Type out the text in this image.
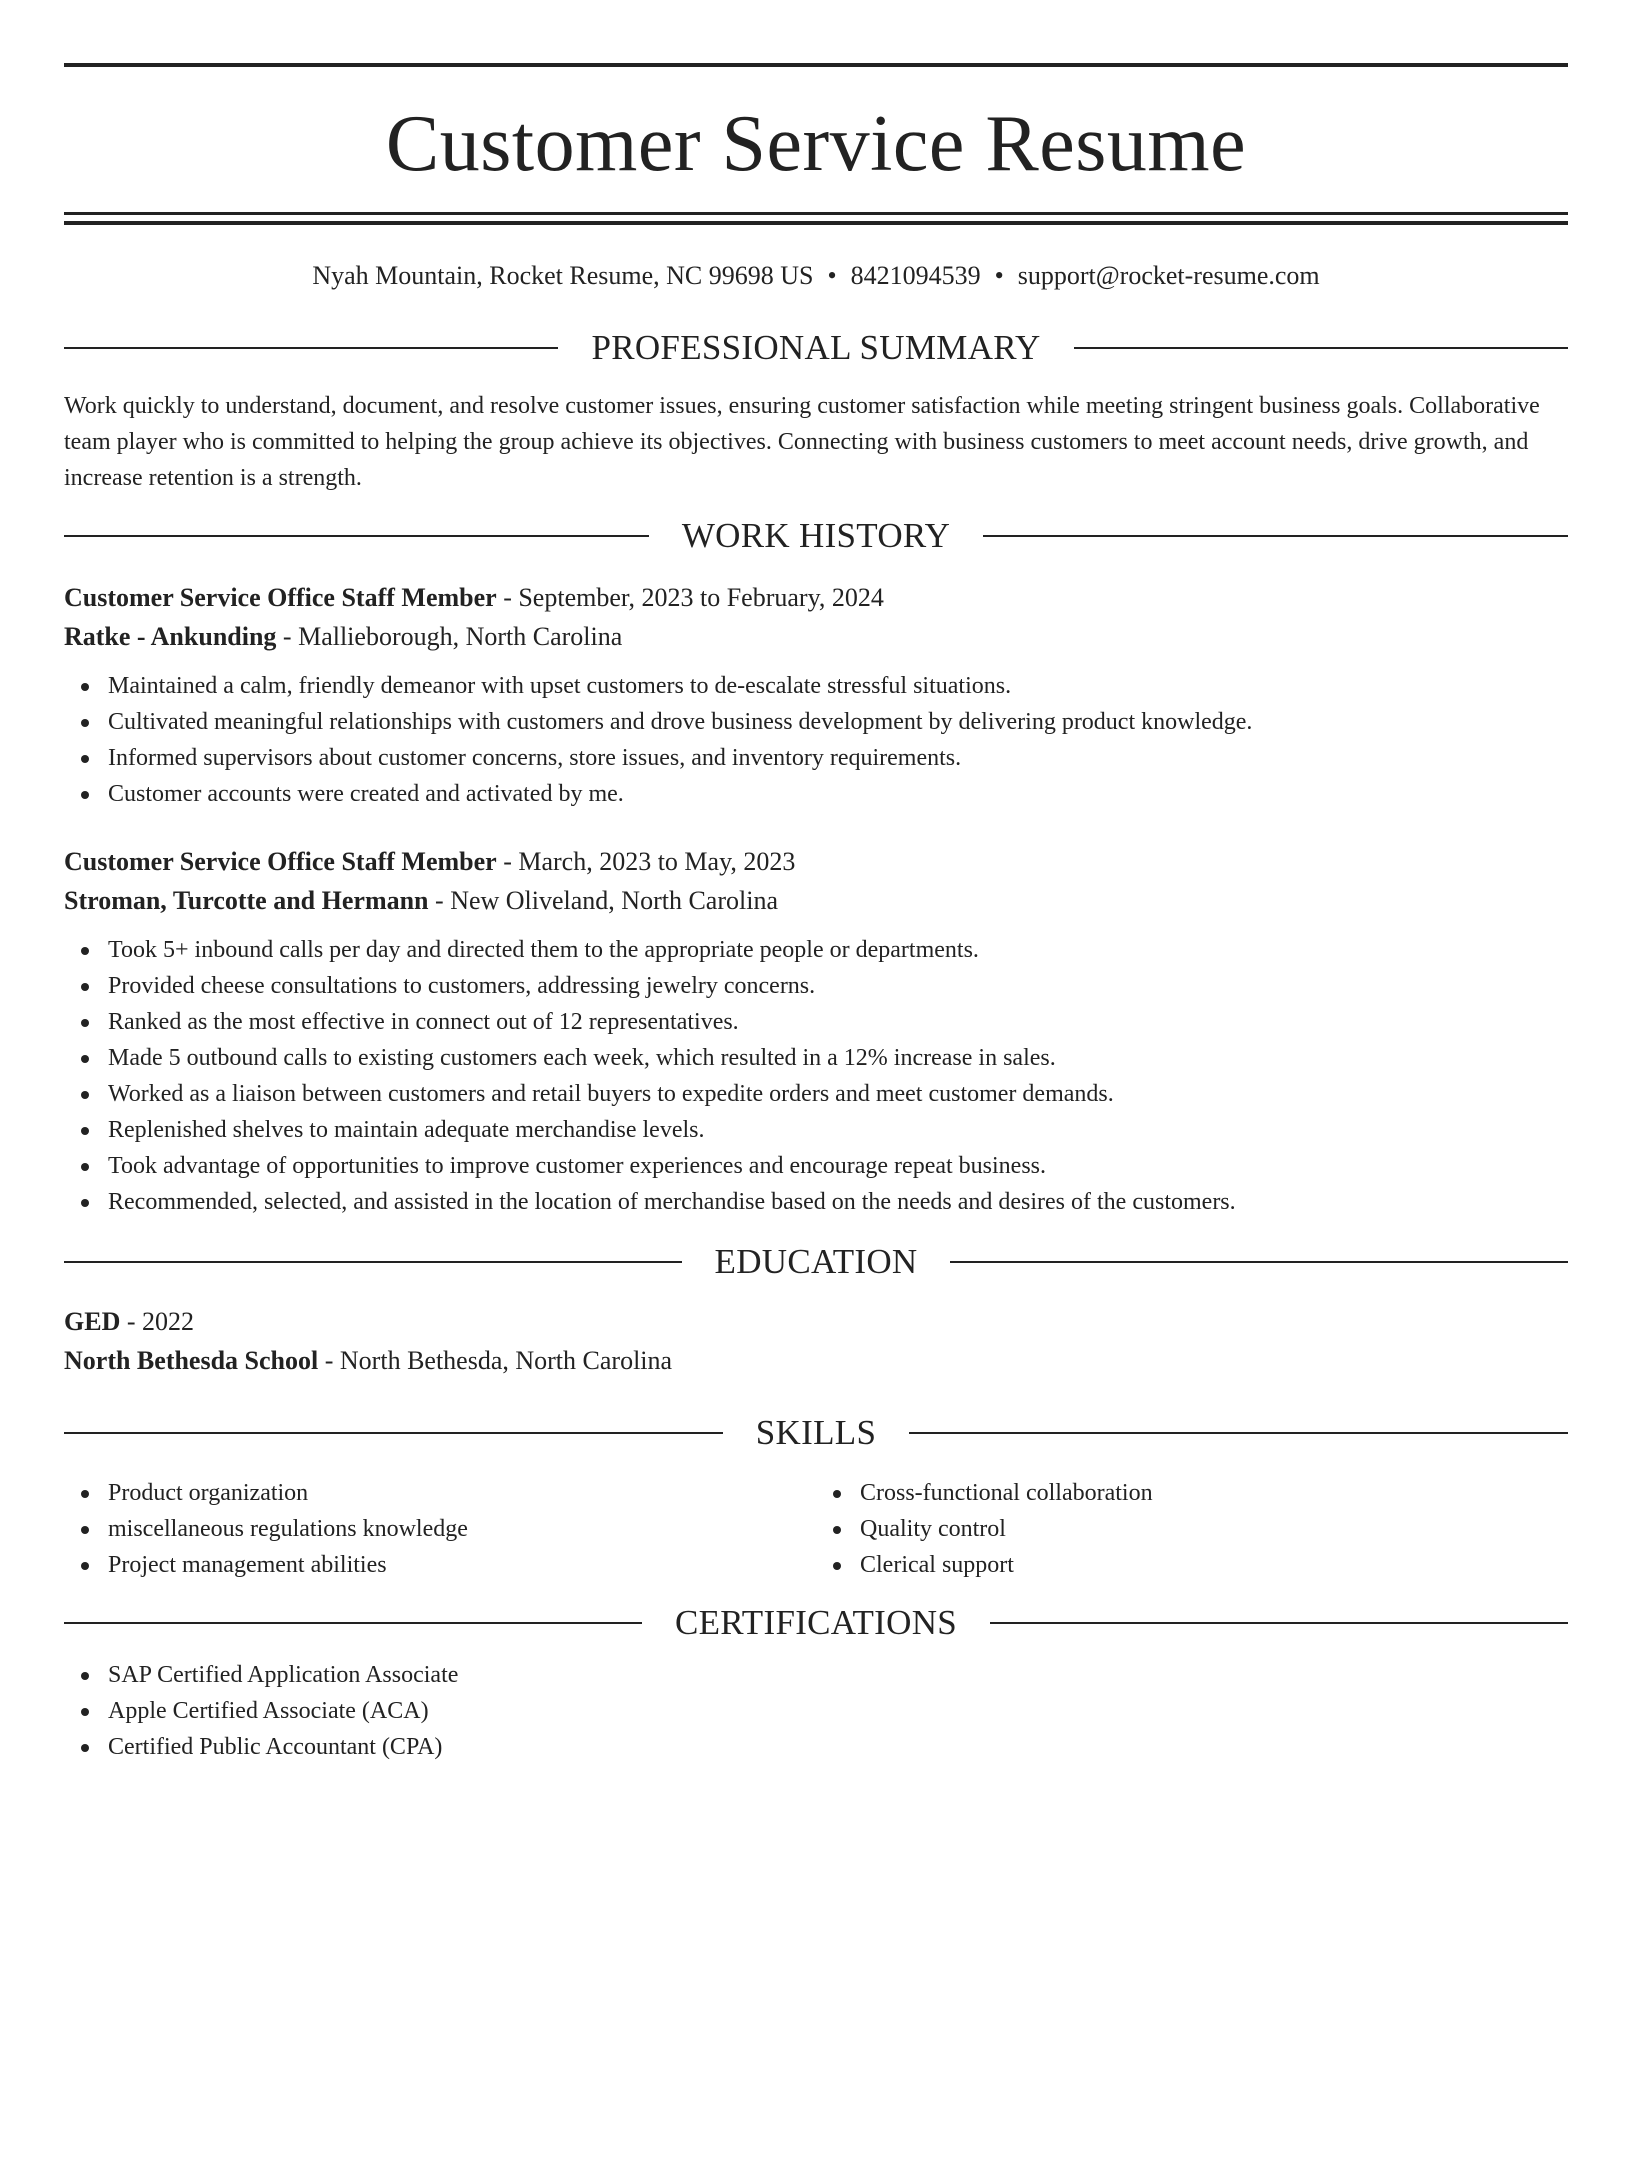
Customer Service Resume
Nyah Mountain, Rocket Resume, NC 99698 US • 8421094539 • support@rocket-resume.com
PROFESSIONAL SUMMARY
Work quickly to understand, document, and resolve customer issues, ensuring customer satisfaction while meeting stringent business goals. Collaborative team player who is committed to helping the group achieve its objectives. Connecting with business customers to meet account needs, drive growth, and increase retention is a strength.
WORK HISTORY
Customer Service Office Staff Member - September, 2023 to February, 2024
Ratke - Ankunding - Mallieborough, North Carolina
Maintained a calm, friendly demeanor with upset customers to de-escalate stressful situations.
Cultivated meaningful relationships with customers and drove business development by delivering product knowledge.
Informed supervisors about customer concerns, store issues, and inventory requirements.
Customer accounts were created and activated by me.
Customer Service Office Staff Member - March, 2023 to May, 2023
Stroman, Turcotte and Hermann - New Oliveland, North Carolina
Took 5+ inbound calls per day and directed them to the appropriate people or departments.
Provided cheese consultations to customers, addressing jewelry concerns.
Ranked as the most effective in connect out of 12 representatives.
Made 5 outbound calls to existing customers each week, which resulted in a 12% increase in sales.
Worked as a liaison between customers and retail buyers to expedite orders and meet customer demands.
Replenished shelves to maintain adequate merchandise levels.
Took advantage of opportunities to improve customer experiences and encourage repeat business.
Recommended, selected, and assisted in the location of merchandise based on the needs and desires of the customers.
EDUCATION
GED - 2022
North Bethesda School - North Bethesda, North Carolina
SKILLS
Product organization
miscellaneous regulations knowledge
Project management abilities
Cross-functional collaboration
Quality control
Clerical support
CERTIFICATIONS
SAP Certified Application Associate
Apple Certified Associate (ACA)
Certified Public Accountant (CPA)
